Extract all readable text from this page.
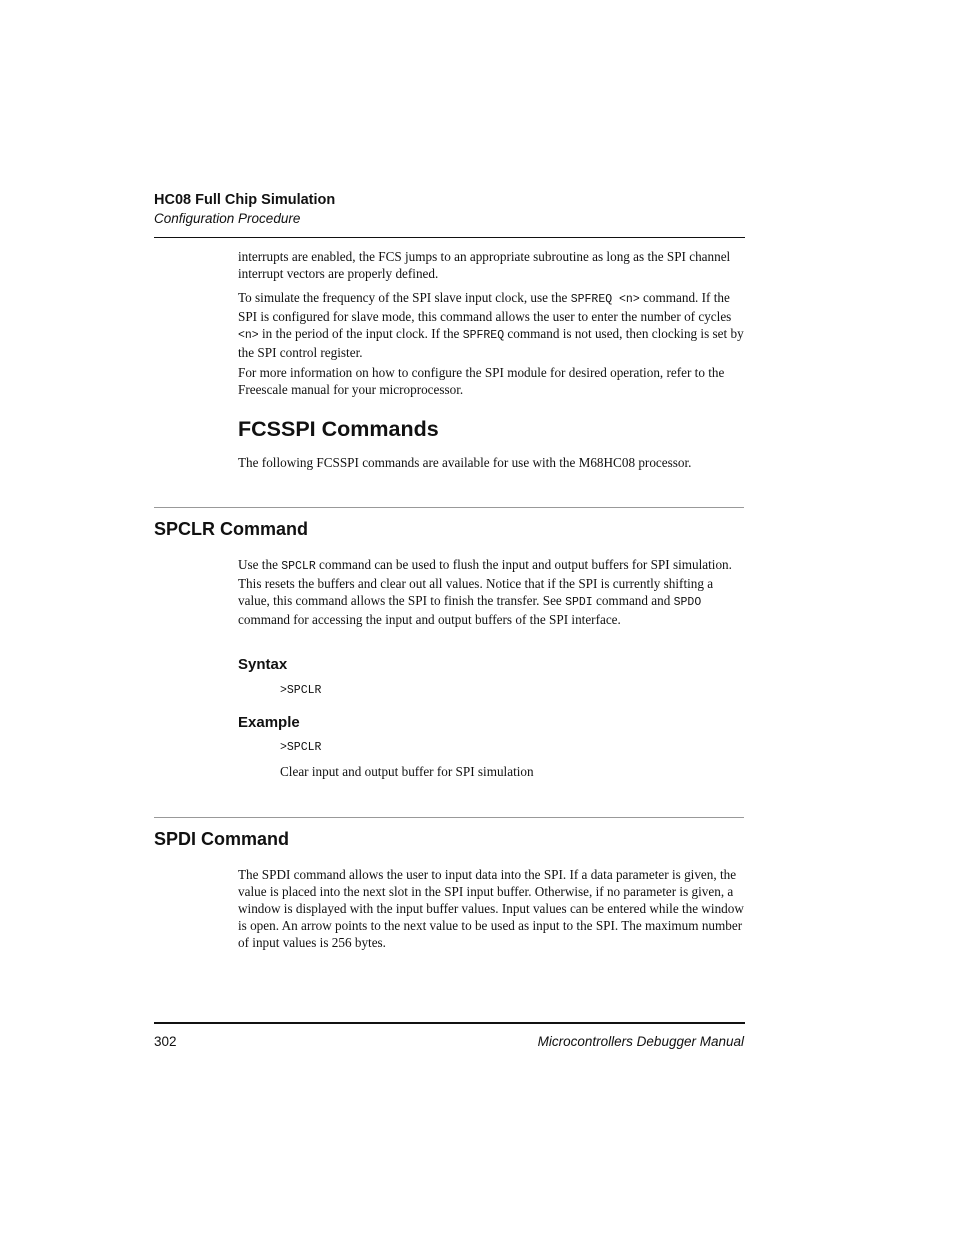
HC08 Full Chip Simulation
Configuration Procedure

interrupts are enabled, the FCS jumps to an appropriate subroutine as long as the SPI channel interrupt vectors are properly defined.

To simulate the frequency of the SPI slave input clock, use the SPFREQ <n> command. If the SPI is configured for slave mode, this command allows the user to enter the number of cycles <n> in the period of the input clock. If the SPFREQ command is not used, then clocking is set by the SPI control register.

For more information on how to configure the SPI module for desired operation, refer to the Freescale manual for your microprocessor.

FCSSPI Commands

The following FCSSPI commands are available for use with the M68HC08 processor.

SPCLR Command

Use the SPCLR command can be used to flush the input and output buffers for SPI simulation. This resets the buffers and clear out all values. Notice that if the SPI is currently shifting a value, this command allows the SPI to finish the transfer. See SPDI command and SPDO command for accessing the input and output buffers of the SPI interface.

Syntax
>SPCLR
Example
>SPCLR
Clear input and output buffer for SPI simulation
SPDI Command

The SPDI command allows the user to input data into the SPI. If a data parameter is given, the value is placed into the next slot in the SPI input buffer. Otherwise, if no parameter is given, a window is displayed with the input buffer values. Input values can be entered while the window is open. An arrow points to the next value to be used as input to the SPI. The maximum number of input values is 256 bytes.

302	Microcontrollers Debugger Manual
